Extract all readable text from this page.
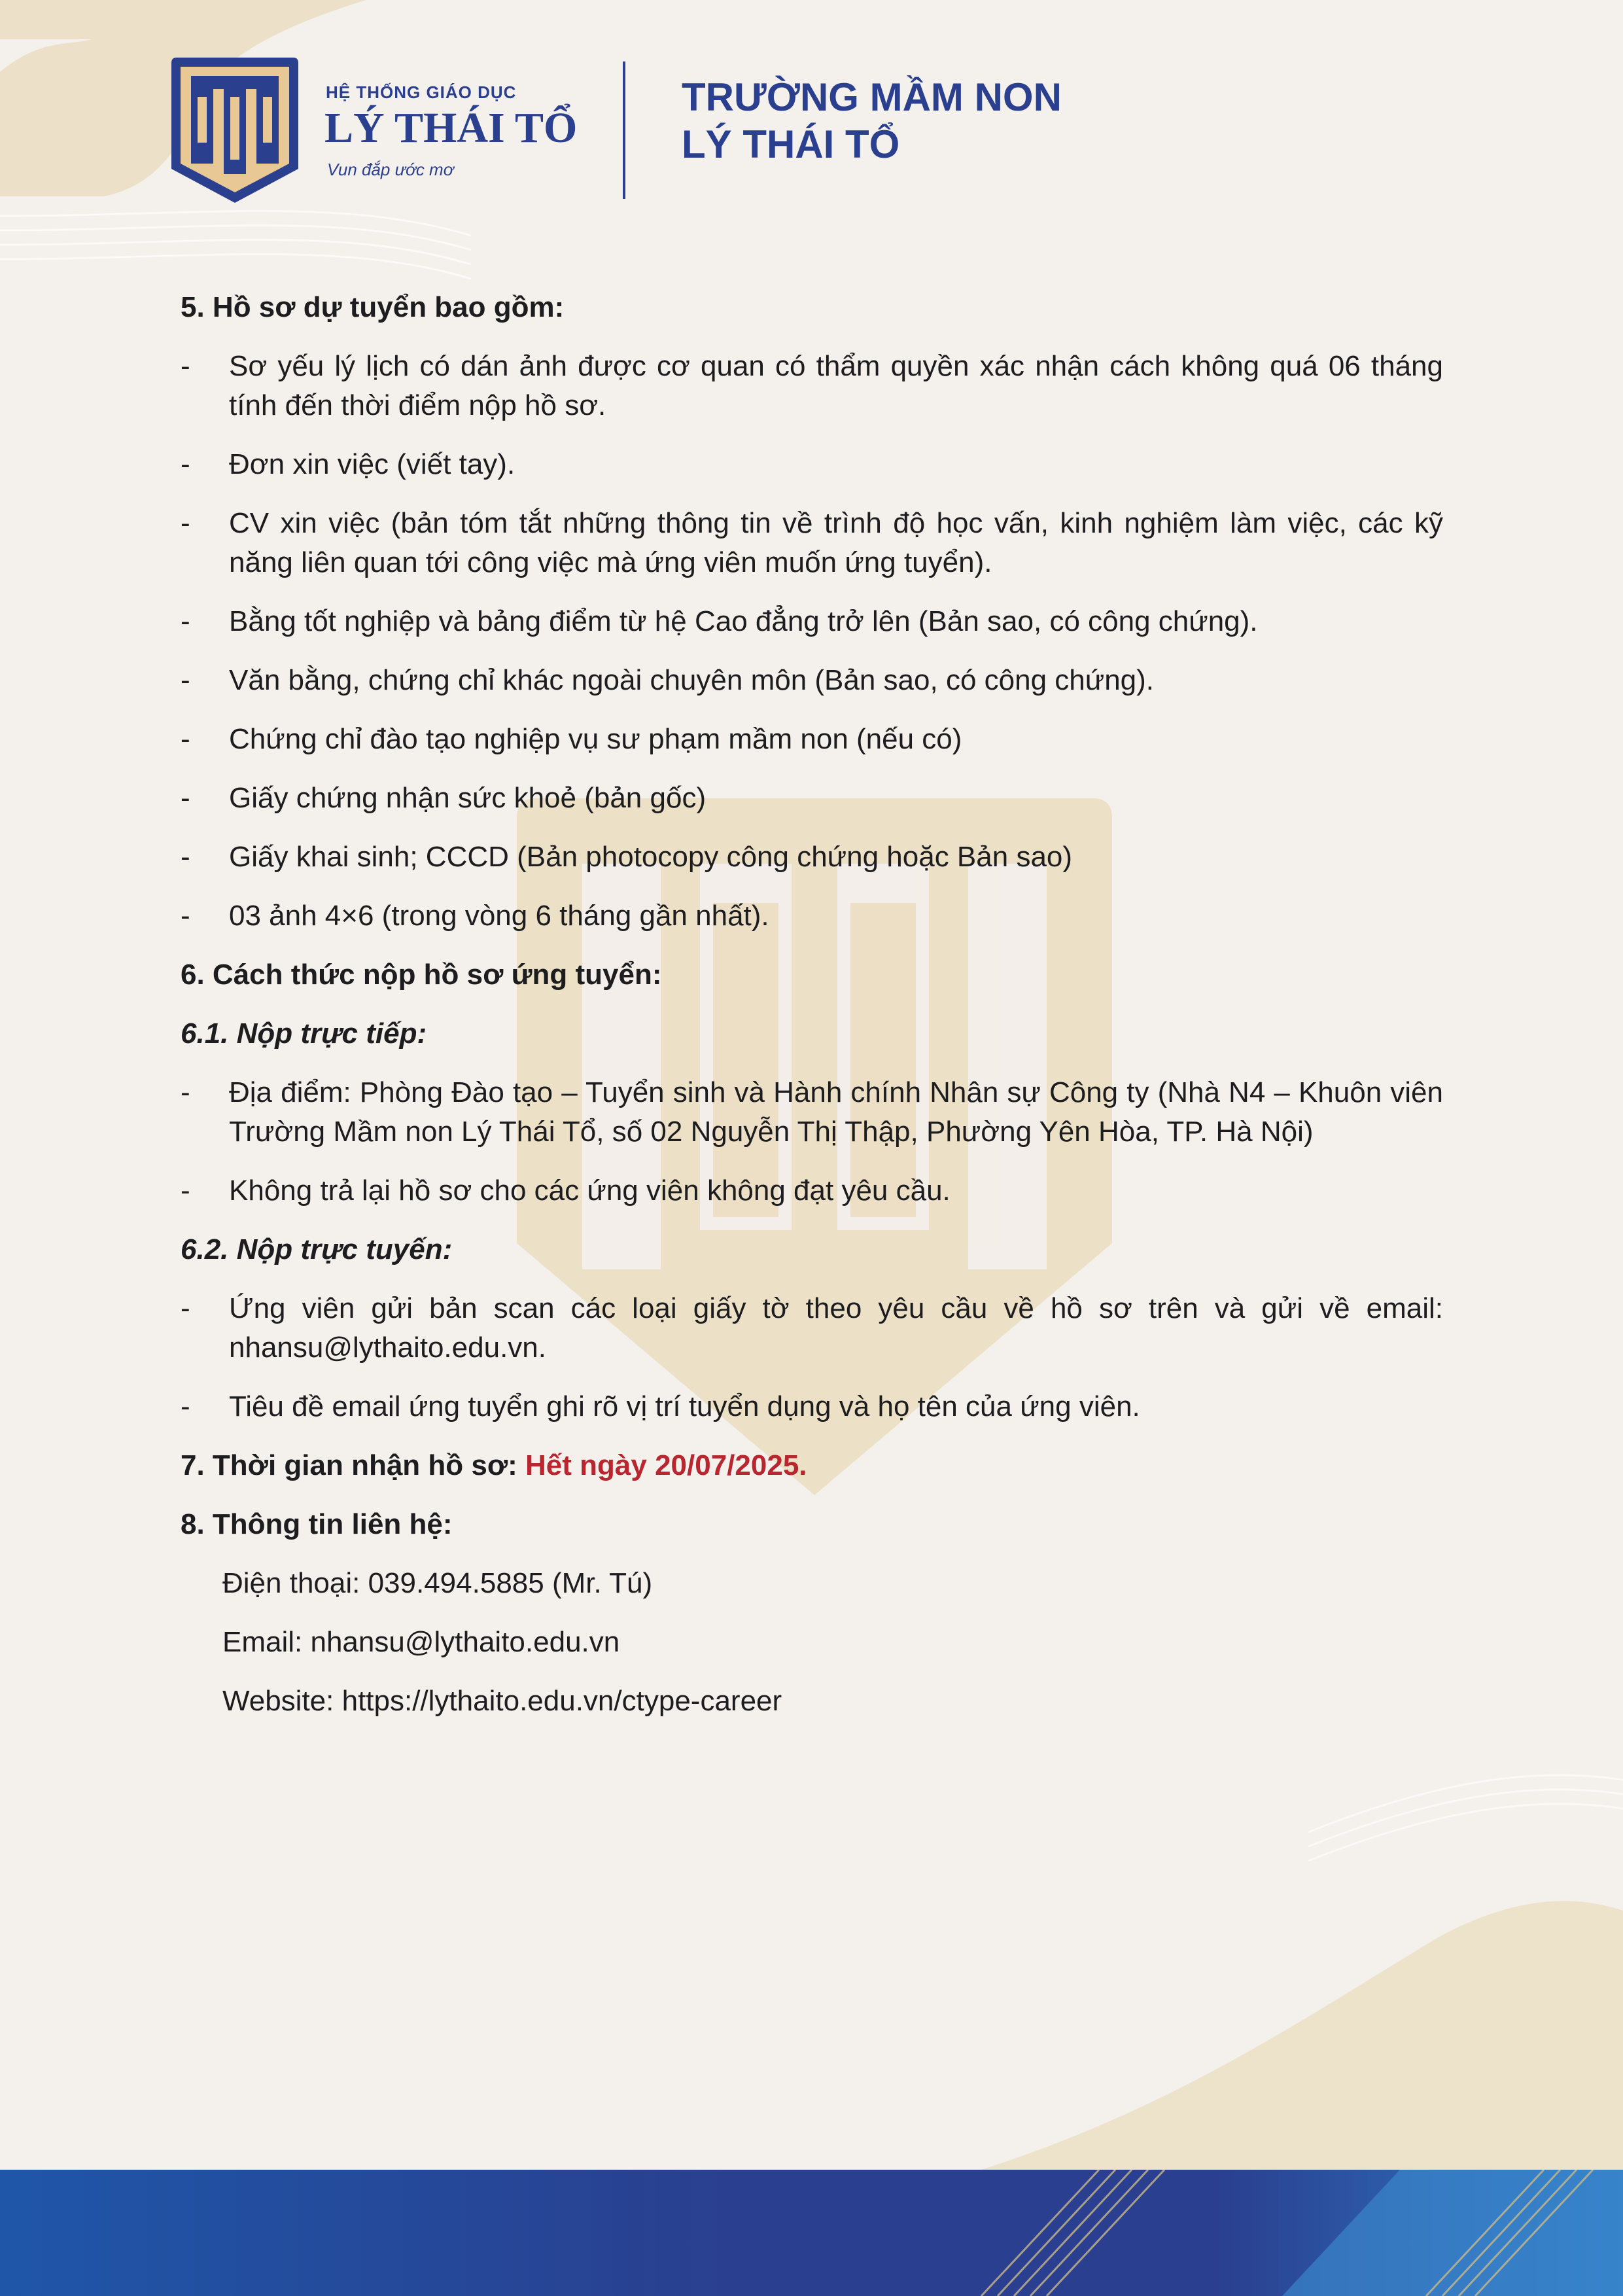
HỆ THỐNG GIÁO DỤC
LÝ THÁI TỔ
Vun đắp ước mơ
TRƯỜNG MẦM NON
LÝ THÁI TỔ
5. Hồ sơ dự tuyển bao gồm:
- Sơ yếu lý lịch có dán ảnh được cơ quan có thẩm quyền xác nhận cách không quá 06 tháng tính đến thời điểm nộp hồ sơ.
- Đơn xin việc (viết tay).
- CV xin việc (bản tóm tắt những thông tin về trình độ học vấn, kinh nghiệm làm việc, các kỹ năng liên quan tới công việc mà ứng viên muốn ứng tuyển).
- Bằng tốt nghiệp và bảng điểm từ hệ Cao đẳng trở lên (Bản sao, có công chứng).
- Văn bằng, chứng chỉ khác ngoài chuyên môn (Bản sao, có công chứng).
- Chứng chỉ đào tạo nghiệp vụ sư phạm mầm non (nếu có)
- Giấy chứng nhận sức khoẻ (bản gốc)
- Giấy khai sinh; CCCD (Bản photocopy công chứng hoặc Bản sao)
- 03 ảnh 4×6 (trong vòng 6 tháng gần nhất).
6. Cách thức nộp hồ sơ ứng tuyển:
6.1. Nộp trực tiếp:
- Địa điểm: Phòng Đào tạo – Tuyển sinh và Hành chính Nhân sự Công ty (Nhà N4 – Khuôn viên Trường Mầm non Lý Thái Tổ, số 02 Nguyễn Thị Thập, Phường Yên Hòa, TP. Hà Nội)
- Không trả lại hồ sơ cho các ứng viên không đạt yêu cầu.
6.2. Nộp trực tuyến:
- Ứng viên gửi bản scan các loại giấy tờ theo yêu cầu về hồ sơ trên và gửi về email: nhansu@lythaito.edu.vn.
- Tiêu đề email ứng tuyển ghi rõ vị trí tuyển dụng và họ tên của ứng viên.
7. Thời gian nhận hồ sơ: Hết ngày 20/07/2025.
8. Thông tin liên hệ:
Điện thoại: 039.494.5885 (Mr. Tú)
Email: nhansu@lythaito.edu.vn
Website: https://lythaito.edu.vn/ctype-career
